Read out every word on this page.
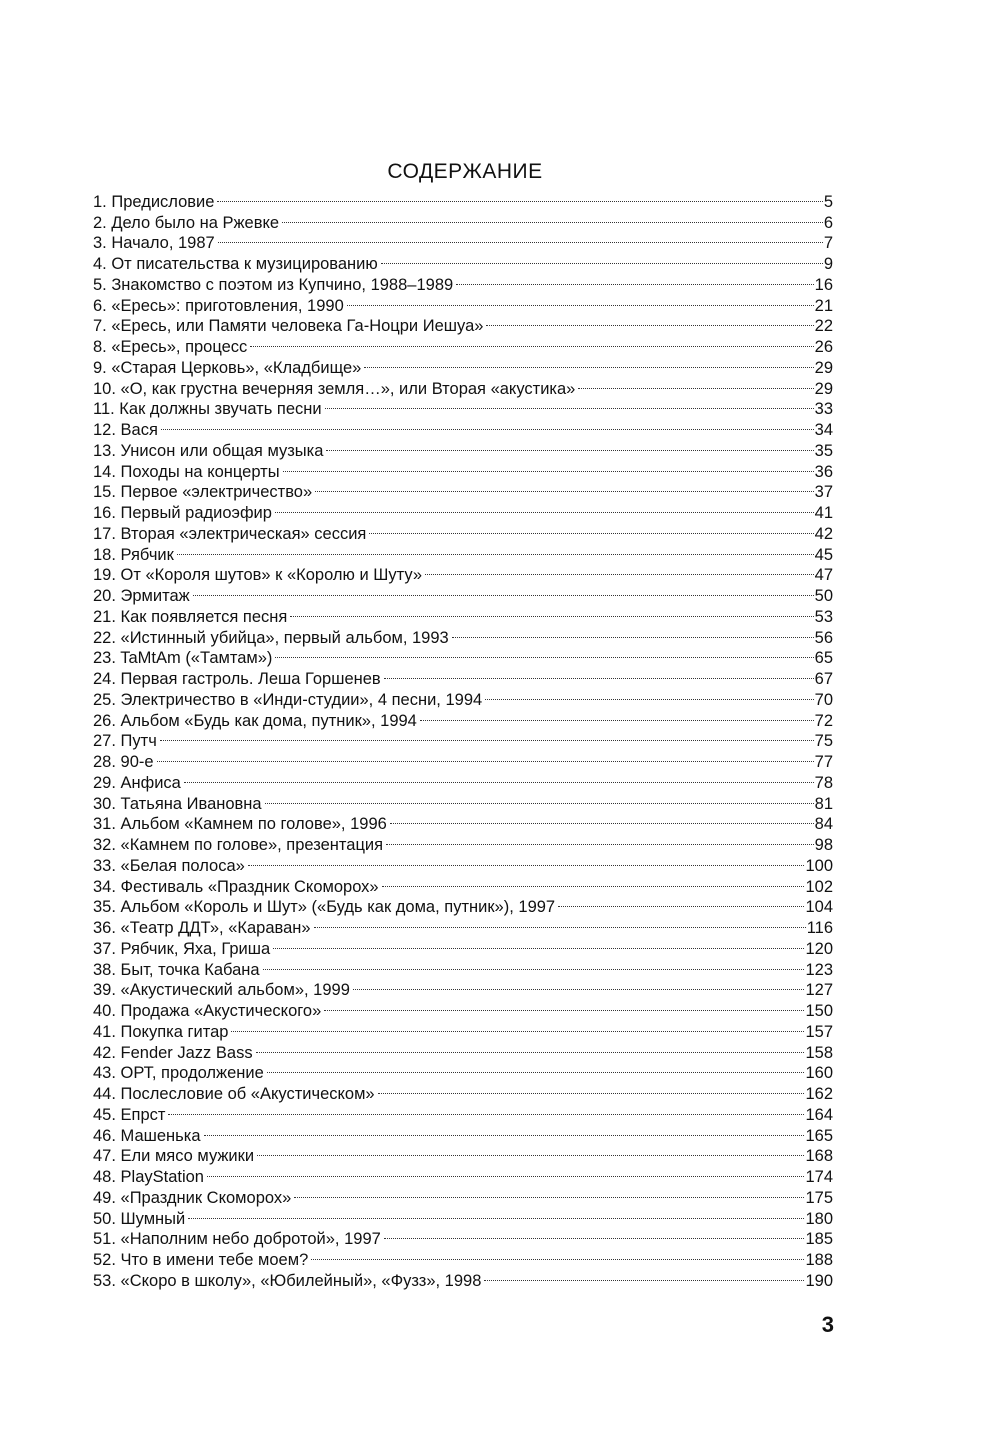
СОДЕРЖАНИЕ
1. Предисловие	5
2. Дело было на Ржевке	6
3. Начало, 1987	7
4. От писательства к музицированию	9
5. Знакомство с поэтом из Купчино, 1988–1989	16
6. «Ересь»: приготовления, 1990	21
7. «Ересь, или Памяти человека Га-Ноцри Иешуа»	22
8. «Ересь», процесс	26
9. «Старая Церковь», «Кладбище»	29
10. «О, как грустна вечерняя земля…», или Вторая «акустика»	29
11. Как должны звучать песни	33
12. Вася	34
13. Унисон или общая музыка	35
14. Походы на концерты	36
15. Первое «электричество»	37
16. Первый радиоэфир	41
17. Вторая «электрическая» сессия	42
18. Рябчик	45
19. От «Короля шутов» к «Королю и Шуту»	47
20. Эрмитаж	50
21. Как появляется песня	53
22. «Истинный убийца», первый альбом, 1993	56
23. TaMtAm («Тамтам»)	65
24. Первая гастроль. Леша Горшенев	67
25. Электричество в «Инди-студии», 4 песни, 1994	70
26. Альбом «Будь как дома, путник», 1994	72
27. Путч	75
28. 90-е	77
29. Анфиса	78
30. Татьяна Ивановна	81
31. Альбом «Камнем по голове», 1996	84
32. «Камнем по голове», презентация	98
33. «Белая полоса»	100
34. Фестиваль «Праздник Скоморох»	102
35. Альбом «Король и Шут» («Будь как дома, путник»), 1997	104
36. «Театр ДДТ», «Караван»	116
37. Рябчик, Яха, Гриша	120
38. Быт, точка Кабана	123
39. «Акустический альбом», 1999	127
40. Продажа «Акустического»	150
41. Покупка гитар	157
42. Fender Jazz Bass	158
43. ОРТ, продолжение	160
44. Послесловие об «Акустическом»	162
45. Епрст	164
46. Машенька	165
47. Ели мясо мужики	168
48. PlayStation	174
49. «Праздник Скоморох»	175
50. Шумный	180
51. «Наполним небо добротой», 1997	185
52. Что в имени тебе моем?	188
53. «Скоро в школу», «Юбилейный», «Фузз», 1998	190
3
